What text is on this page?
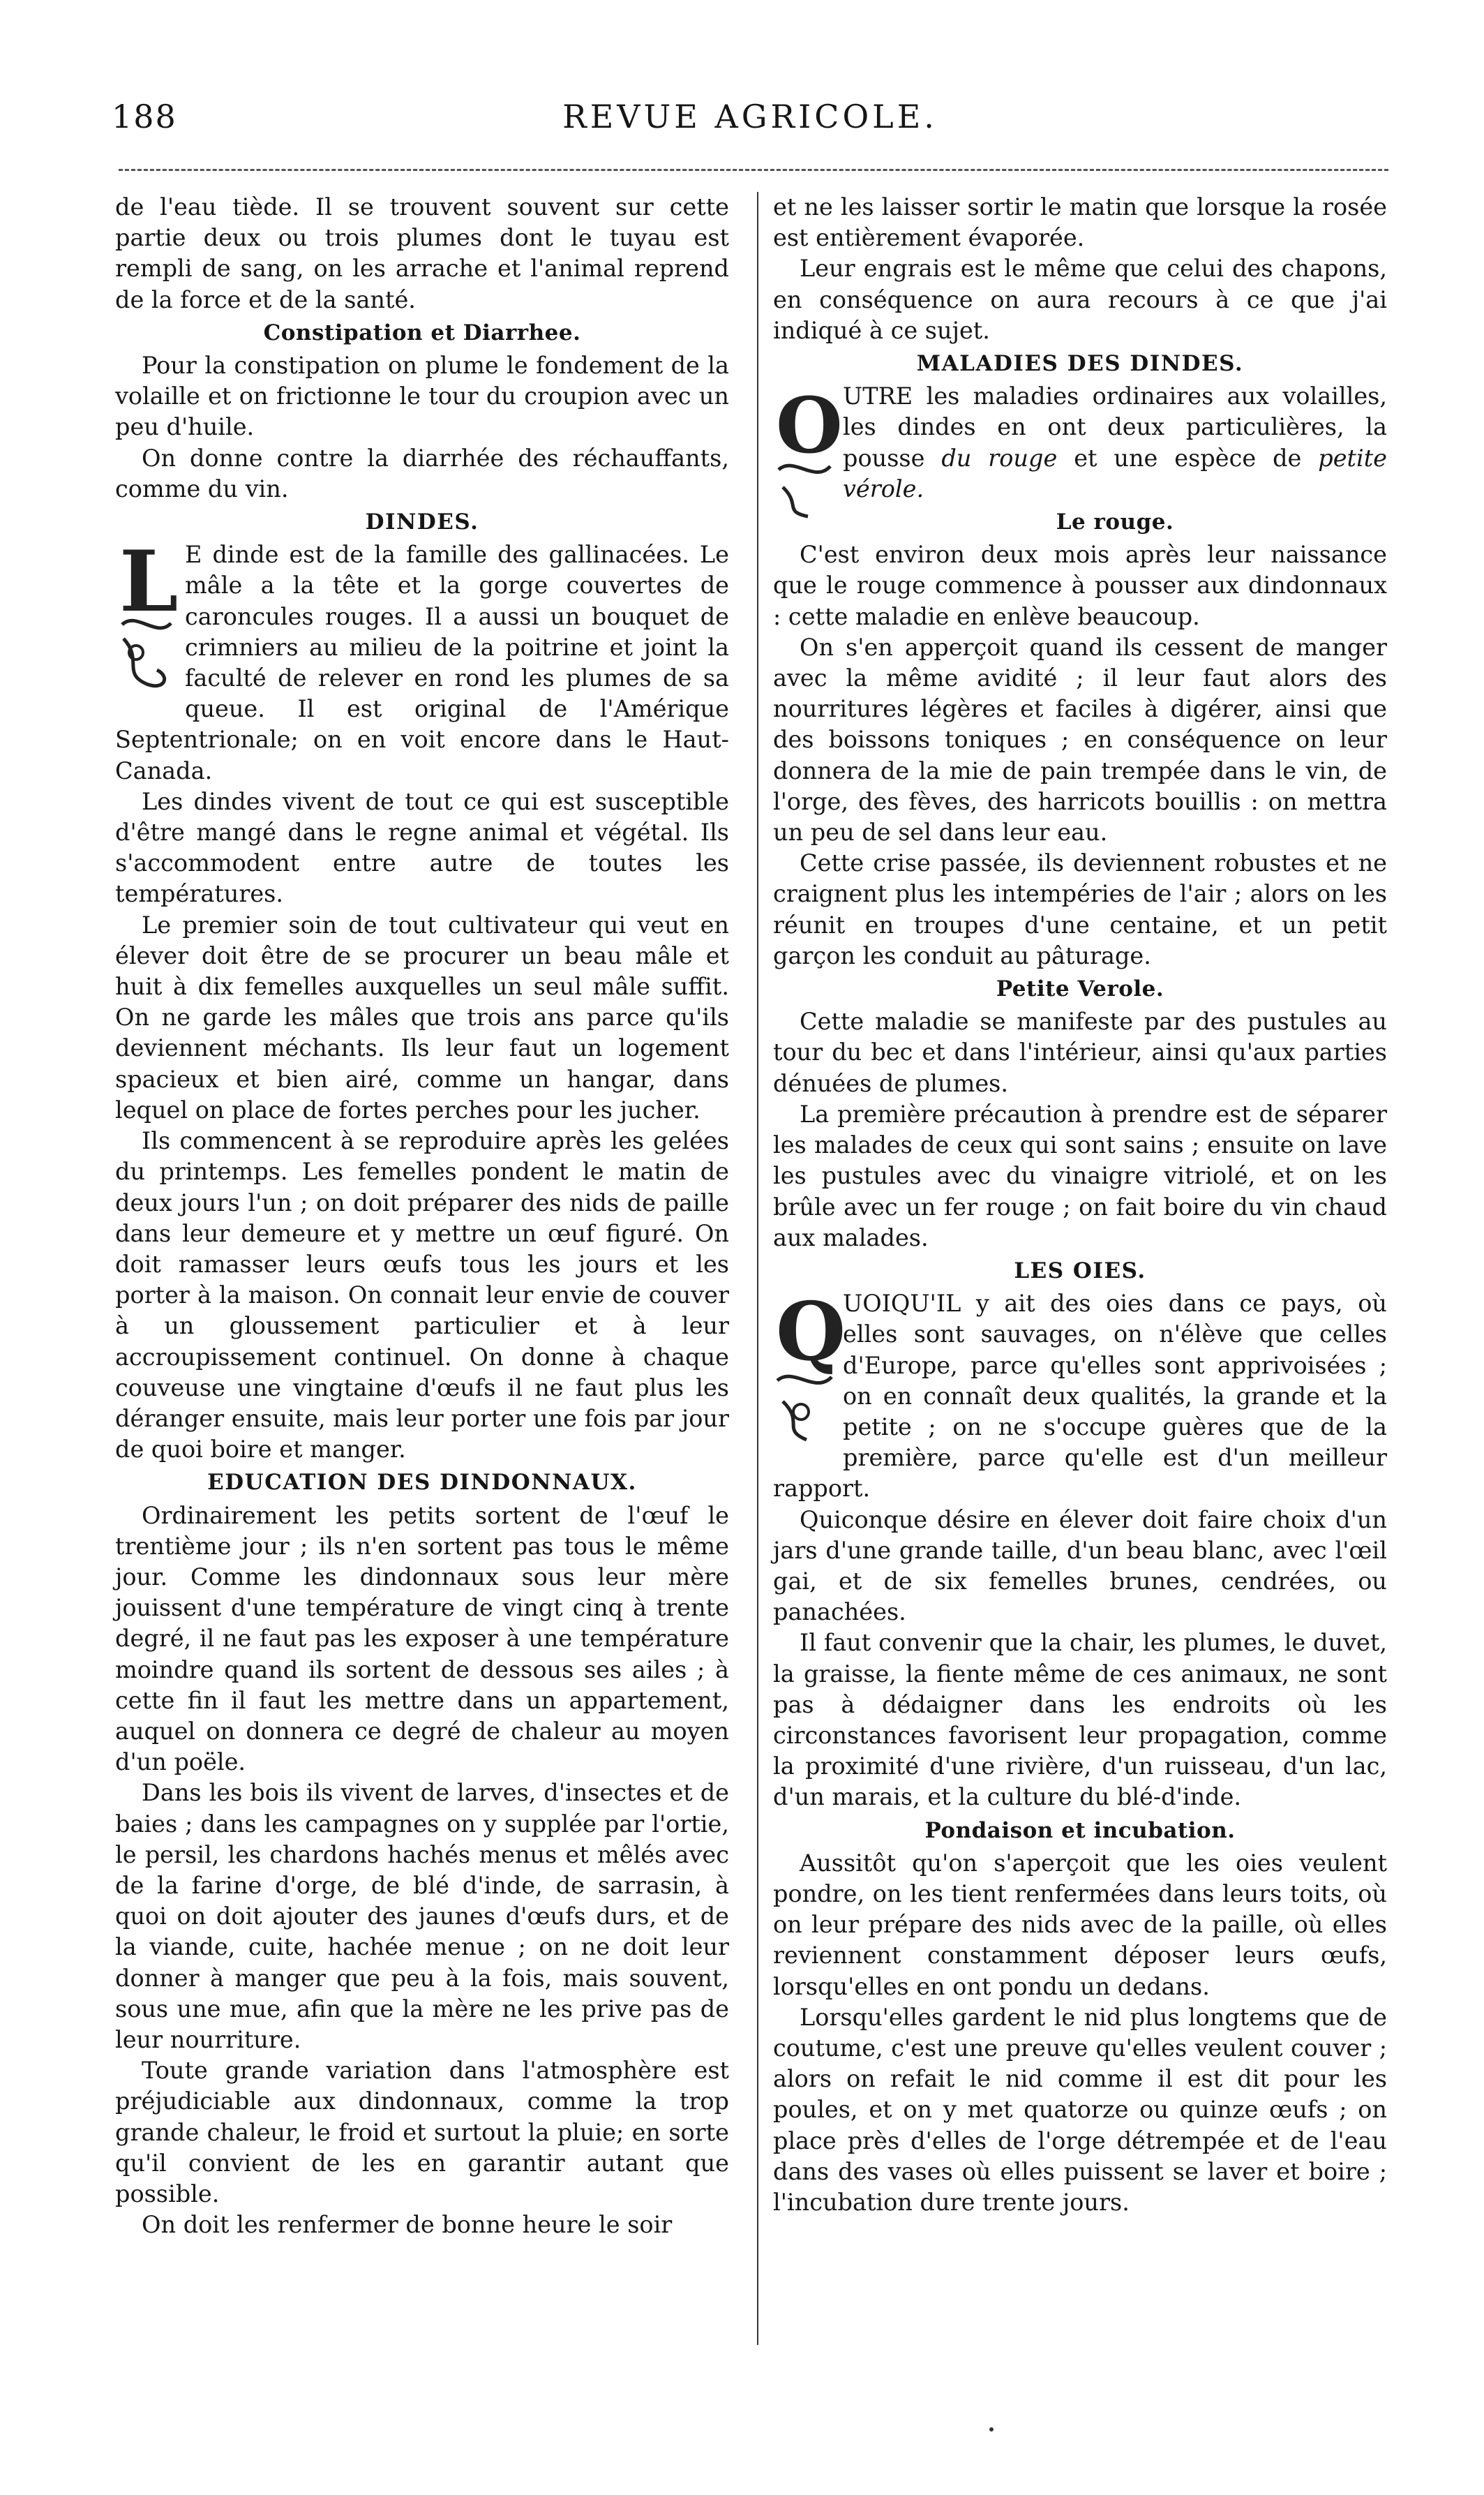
188	REVUE AGRICOLE.

de l'eau tiède. Il se trouvent souvent sur cette partie deux ou trois plumes dont le tuyau est rempli de sang, on les arrache et l'animal reprend de la force et de la santé.

Constipation et Diarrhee.

Pour la constipation on plume le fondement de la volaille et on frictionne le tour du croupion avec un peu d'huile.

On donne contre la diarrhée des réchauffants, comme du vin.

DINDES.
L E dinde est de la famille des gallinacées. Le mâle a la tête et la gorge couvertes de caroncules rouges. Il a aussi un bouquet de crimniers au milieu de la poitrine et joint la faculté de relever en rond les plumes de sa queue. Il est original de l'Amérique Septentrionale; on en voit encore dans le Haut-Canada.

Les dindes vivent de tout ce qui est susceptible d'être mangé dans le regne animal et végétal. Ils s'accommodent entre autre de toutes les températures.

Le premier soin de tout cultivateur qui veut en élever doit être de se procurer un beau mâle et huit à dix femelles auxquelles un seul mâle suffit. On ne garde les mâles que trois ans parce qu'ils deviennent méchants. Ils leur faut un logement spacieux et bien airé, comme un hangar, dans lequel on place de fortes perches pour les jucher.

Ils commencent à se reproduire après les gelées du printemps. Les femelles pondent le matin de deux jours l'un ; on doit préparer des nids de paille dans leur demeure et y mettre un œuf figuré. On doit ramasser leurs œufs tous les jours et les porter à la maison. On connait leur envie de couver à un gloussement particulier et à leur accroupissement continuel. On donne à chaque couveuse une vingtaine d'œufs il ne faut plus les déranger ensuite, mais leur porter une fois par jour de quoi boire et manger.

EDUCATION DES DINDONNAUX.

Ordinairement les petits sortent de l'œuf le trentième jour ; ils n'en sortent pas tous le même jour. Comme les dindonnaux sous leur mère jouissent d'une température de vingt cinq à trente degré, il ne faut pas les exposer à une température moindre quand ils sortent de dessous ses ailes ; à cette fin il faut les mettre dans un appartement, auquel on donnera ce degré de chaleur au moyen d'un poële.

Dans les bois ils vivent de larves, d'insectes et de baies ; dans les campagnes on y supplée par l'ortie, le persil, les chardons hachés menus et mêlés avec de la farine d'orge, de blé d'inde, de sarrasin, à quoi on doit ajouter des jaunes d'œufs durs, et de la viande, cuite, hachée menue ; on ne doit leur donner à manger que peu à la fois, mais souvent, sous une mue, afin que la mère ne les prive pas de leur nourriture.

Toute grande variation dans l'atmosphère est préjudiciable aux dindonnaux, comme la trop grande chaleur, le froid et surtout la pluie; en sorte qu'il convient de les en garantir autant que possible.

On doit les renfermer de bonne heure le soir

et ne les laisser sortir le matin que lorsque la rosée est entièrement évaporée.

Leur engrais est le même que celui des chapons, en conséquence on aura recours à ce que j'ai indiqué à ce sujet.

MALADIES DES DINDES.
O UTRE les maladies ordinaires aux volailles, les dindes en ont deux particulières, la pousse du rouge et une espèce de petite vérole.

Le rouge.

C'est environ deux mois après leur naissance que le rouge commence à pousser aux dindonnaux : cette maladie en enlève beaucoup.

On s'en apperçoit quand ils cessent de manger avec la même avidité ; il leur faut alors des nourritures légères et faciles à digérer, ainsi que des boissons toniques ; en conséquence on leur donnera de la mie de pain trempée dans le vin, de l'orge, des fèves, des harricots bouillis : on mettra un peu de sel dans leur eau.

Cette crise passée, ils deviennent robustes et ne craignent plus les intempéries de l'air ; alors on les réunit en troupes d'une centaine, et un petit garçon les conduit au pâturage.

Petite Verole.

Cette maladie se manifeste par des pustules au tour du bec et dans l'intérieur, ainsi qu'aux parties dénuées de plumes.

La première précaution à prendre est de séparer les malades de ceux qui sont sains ; ensuite on lave les pustules avec du vinaigre vitriolé, et on les brûle avec un fer rouge ; on fait boire du vin chaud aux malades.

LES OIES.
Q

UOIQU'IL y ait des oies dans ce pays, où elles sont sauvages, on n'élève que celles d'Europe, parce qu'elles sont apprivoisées ; on en connaît deux qualités, la grande et la petite ; on ne s'occupe guères que de la première, parce qu'elle est d'un meilleur rapport.

Quiconque désire en élever doit faire choix d'un jars d'une grande taille, d'un beau blanc, avec l'œil gai, et de six femelles brunes, cendrées, ou panachées.

Il faut convenir que la chair, les plumes, le duvet, la graisse, la fiente même de ces animaux, ne sont pas à dédaigner dans les endroits où les circonstances favorisent leur propagation, comme la proximité d'une rivière, d'un ruisseau, d'un lac, d'un marais, et la culture du blé-d'inde.

Pondaison et incubation.

Aussitôt qu'on s'aperçoit que les oies veulent pondre, on les tient renfermées dans leurs toits, où on leur prépare des nids avec de la paille, où elles reviennent constamment déposer leurs œufs, lorsqu'elles en ont pondu un dedans.

Lorsqu'elles gardent le nid plus longtems que de coutume, c'est une preuve qu'elles veulent couver ; alors on refait le nid comme il est dit pour les poules, et on y met quatorze ou quinze œufs ; on place près d'elles de l'orge détrempée et de l'eau dans des vases où elles puissent se laver et boire ; l'incubation dure trente jours.
